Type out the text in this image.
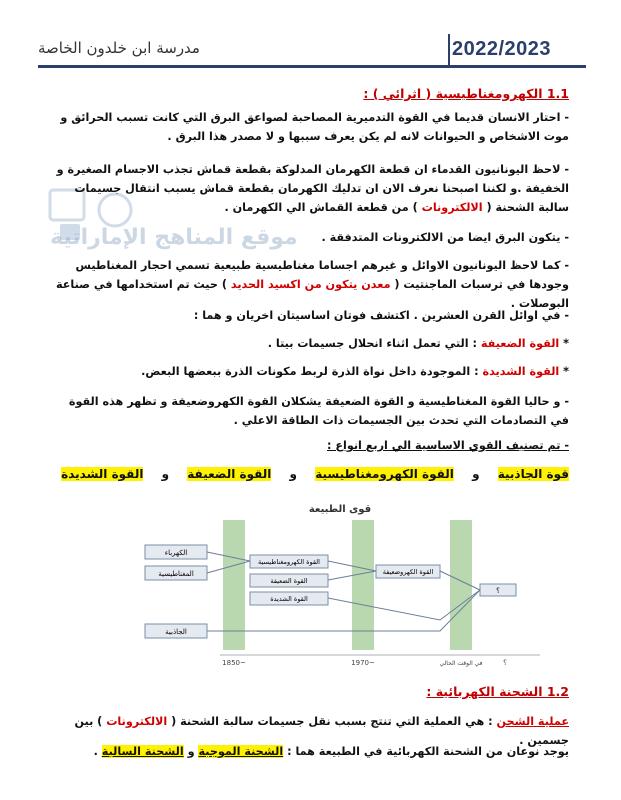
2022/2023
مدرسة ابن خلدون الخاصة
موقع المناهج الإماراتية
1.1 الكهرومغناطيسية ( اثرائي ) :
- احتار الانسان قديما في القوة التدميرية المصاحبة لصواعق البرق التي كانت تسبب الحرائق و موت الاشخاص و الحيوانات لانه لم يكن يعرف سببها و لا مصدر هذا البرق .
- لاحظ اليونانيون القدماء ان قطعة الكهرمان المدلوكة بقطعة قماش تجذب الاجسام الصغيرة و الخفيفة .و لكننا اصبحنا نعرف الان ان تدليك الكهرمان بقطعة قماش يسبب انتقال جسيمات سالبة الشحنة ( الالكترونات ) من قطعة القماش الي الكهرمان .
- يتكون البرق ايضا من الالكترونات المتدفقة .
- كما لاحظ اليونانيون الاوائل و غيرهم اجساما مغناطيسية طبيعية تسمي احجار المغناطيس وجودها في ترسبات الماجنتيت ( معدن يتكون من اكسيد الحديد ) حيث تم استخدامها في صناعة البوصلات .
- في اوائل القرن العشرين . اكتشف فوتان اساسيتان اخريان و هما :
* القوة الضعيفة : التي تعمل اثناء انحلال جسيمات بيتا .
* القوة الشديدة : الموجودة داخل نواة الذرة لربط مكونات الذرة ببعضها البعض.
- و حاليا القوة المغناطيسية و القوة الضعيفة يشكلان القوة الكهروضعيفة و تظهر هذه القوة في التصادمات التي تحدث بين الجسيمات ذات الطاقة الاعلي .
- تم تصنيف القوي الاساسية الي اربع انواع :
قوة الجاذبية و القوة الكهرومغناطيسية و القوة الضعيفة و القوة الشديدة
قوى الطبيعة
الكهرباء
المغناطيسية
الجاذبية
القوة الكهرومغناطيسية
القوة الضعيفة
القوة الشديدة
القوة الكهروضعيفة
؟
1850~	1970~	في الوقت الحالي	؟
1.2 الشحنة الكهربائية :
عملية الشحن : هي العملية التي تنتج بسبب نقل جسيمات سالبة الشحنة ( الالكترونات ) بين جسمين .
يوجد نوعان من الشحنة الكهربائية في الطبيعة هما : الشحنة الموجبة و الشحنة السالبة .
